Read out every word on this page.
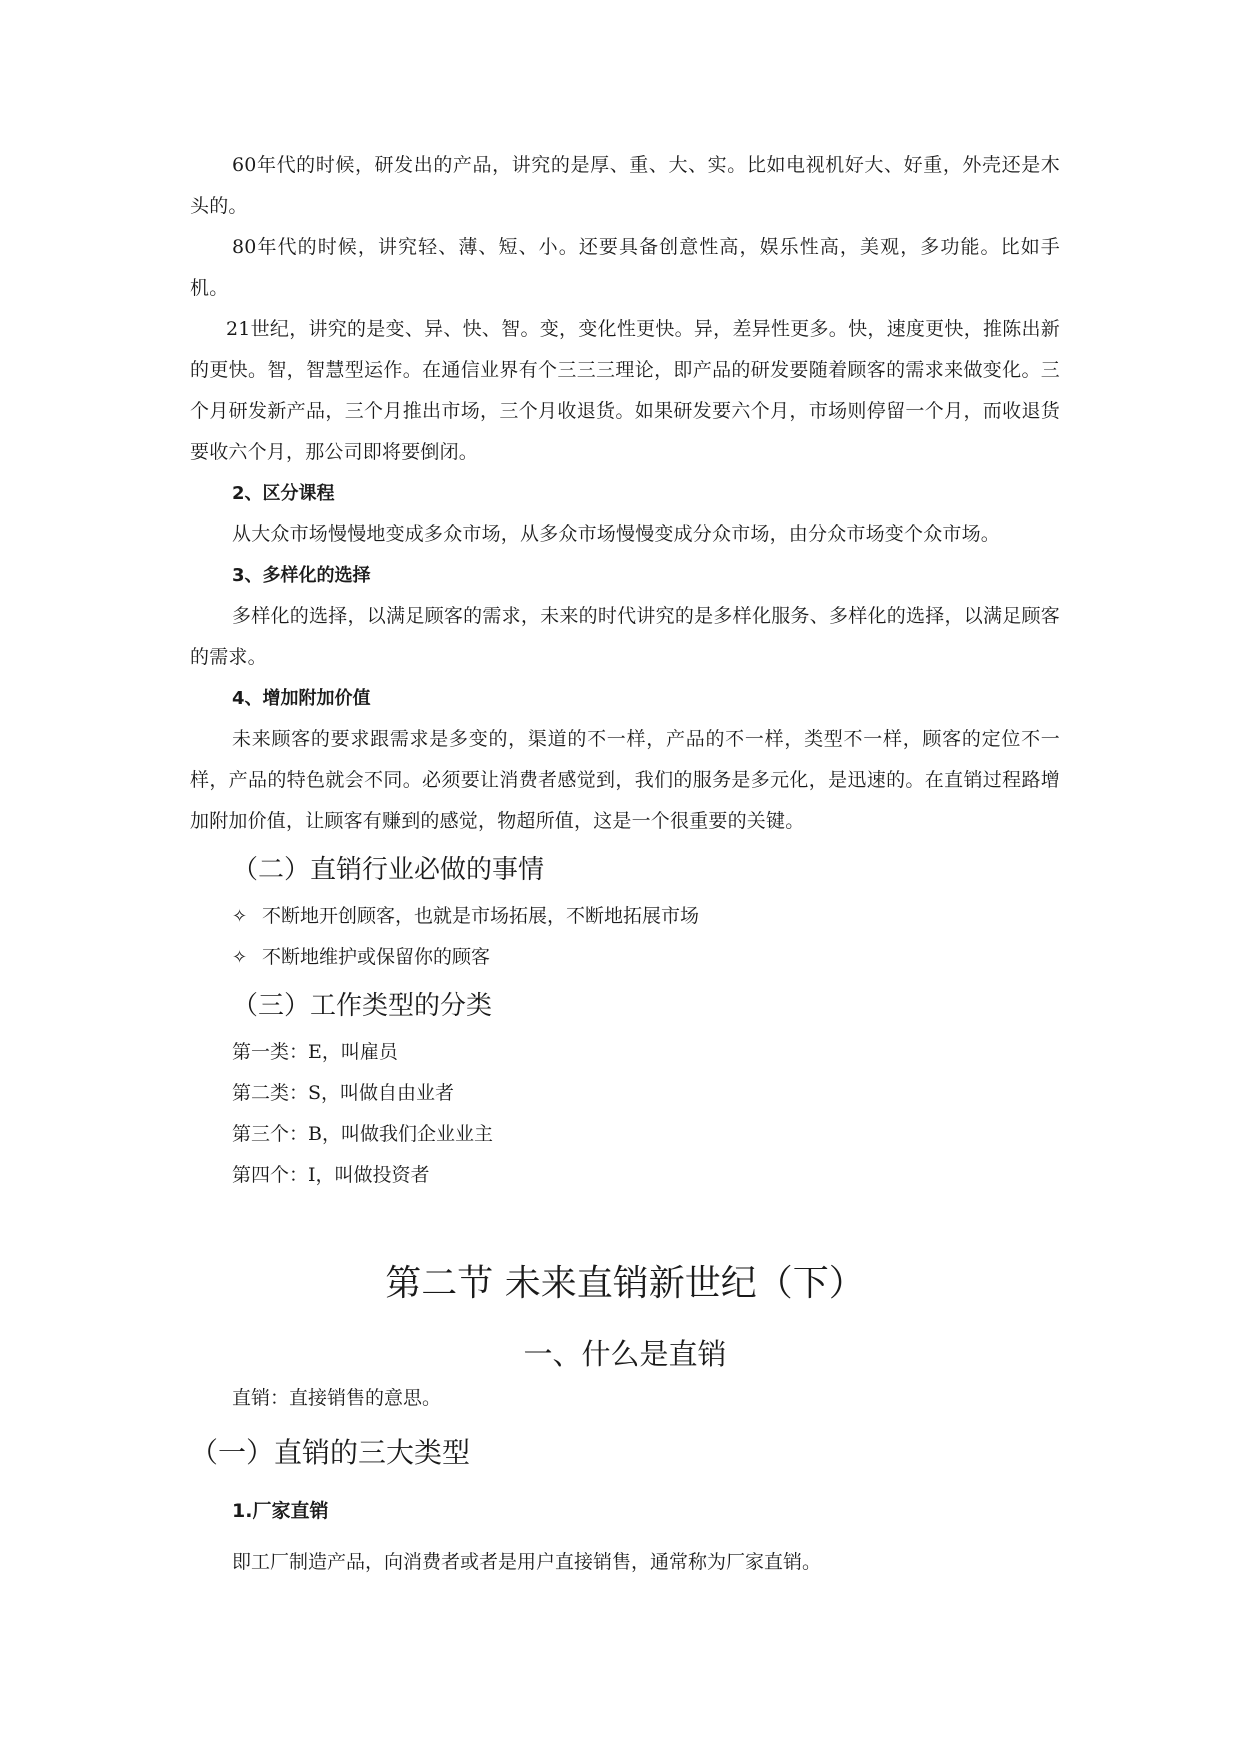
60年代的时候，研发出的产品，讲究的是厚、重、大、实。比如电视机好大、好重，外壳还是木头的。

80年代的时候，讲究轻、薄、短、小。还要具备创意性高，娱乐性高，美观，多功能。比如手机。

21世纪，讲究的是变、异、快、智。变，变化性更快。异，差异性更多。快，速度更快，推陈出新的更快。智，智慧型运作。在通信业界有个三三三理论，即产品的研发要随着顾客的需求来做变化。三个月研发新产品，三个月推出市场，三个月收退货。如果研发要六个月，市场则停留一个月，而收退货要收六个月，那公司即将要倒闭。

2、区分课程

从大众市场慢慢地变成多众市场，从多众市场慢慢变成分众市场，由分众市场变个众市场。

3、多样化的选择

多样化的选择，以满足顾客的需求，未来的时代讲究的是多样化服务、多样化的选择，以满足顾客的需求。

4、增加附加价值

未来顾客的要求跟需求是多变的，渠道的不一样，产品的不一样，类型不一样，顾客的定位不一样，产品的特色就会不同。必须要让消费者感觉到，我们的服务是多元化，是迅速的。在直销过程路增加附加价值，让顾客有赚到的感觉，物超所值，这是一个很重要的关键。

（二）直销行业必做的事情

✧ 不断地开创顾客，也就是市场拓展，不断地拓展市场
✧ 不断地维护或保留你的顾客

（三）工作类型的分类

第一类：E，叫雇员

第二类：S，叫做自由业者

第三个：B，叫做我们企业业主

第四个：I，叫做投资者

第二节 未来直销新世纪（下）
一、什么是直销

直销：直接销售的意思。

（一）直销的三大类型

1.厂家直销

即工厂制造产品，向消费者或者是用户直接销售，通常称为厂家直销。
